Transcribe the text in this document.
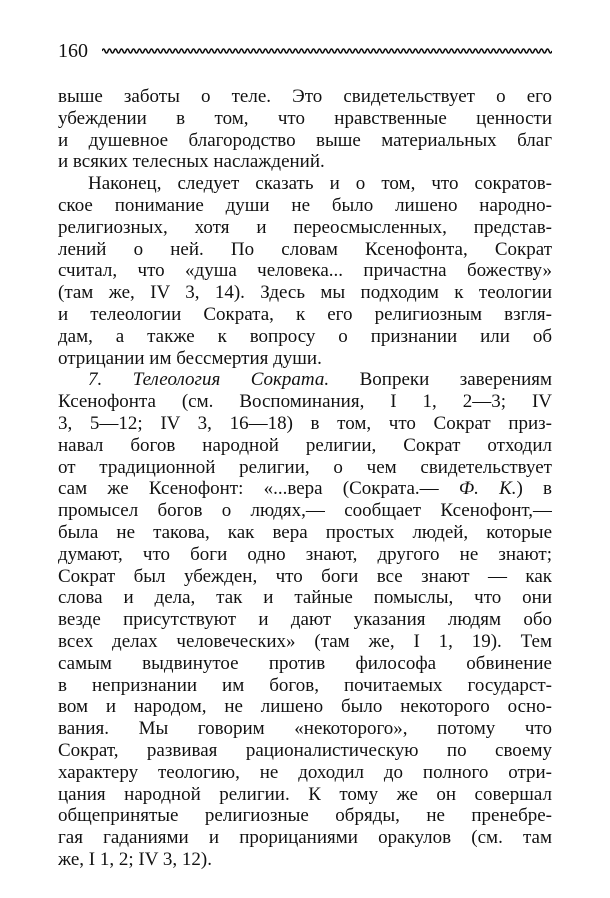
160
выше заботы о теле. Это свидетельствует о его
убеждении в том, что нравственные ценности
и душевное благородство выше материальных благ
и всяких телесных наслаждений.
Наконец, следует сказать и о том, что сократов-
ское понимание души не было лишено народно-
религиозных, хотя и переосмысленных, представ-
лений о ней. По словам Ксенофонта, Сократ
считал, что «душа человека... причастна божеству»
(там же, IV 3, 14). Здесь мы подходим к теологии
и телеологии Сократа, к его религиозным взгля-
дам, а также к вопросу о признании или об
отрицании им бессмертия души.
7. Телеология Сократа. Вопреки заверениям
Ксенофонта (см. Воспоминания, I 1, 2—3; IV
3, 5—12; IV 3, 16—18) в том, что Сократ приз-
навал богов народной религии, Сократ отходил
от традиционной религии, о чем свидетельствует
сам же Ксенофонт: «...вера (Сократа.— Ф. К.) в
промысел богов о людях,— сообщает Ксенофонт,—
была не такова, как вера простых людей, которые
думают, что боги одно знают, другого не знают;
Сократ был убежден, что боги все знают — как
слова и дела, так и тайные помыслы, что они
везде присутствуют и дают указания людям обо
всех делах человеческих» (там же, I 1, 19). Тем
самым выдвинутое против философа обвинение
в непризнании им богов, почитаемых государст-
вом и народом, не лишено было некоторого осно-
вания. Мы говорим «некоторого», потому что
Сократ, развивая рационалистическую по своему
характеру теологию, не доходил до полного отри-
цания народной религии. К тому же он совершал
общепринятые религиозные обряды, не пренебре-
гая гаданиями и прорицаниями оракулов (см. там
же, I 1, 2; IV 3, 12).
